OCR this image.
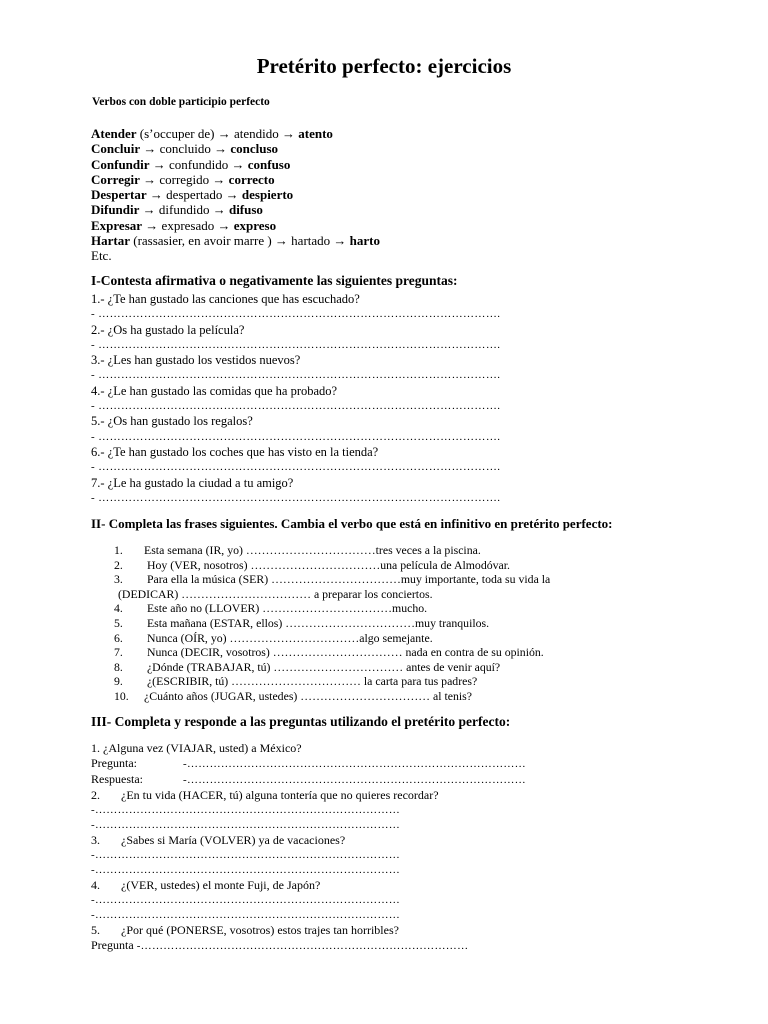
Pretérito perfecto: ejercicios
Verbos con doble participio perfecto
Atender (s’occuper de) → atendido → atento
Concluir → concluido → concluso
Confundir → confundido → confuso
Corregir → corregido → correcto
Despertar → despertado → despierto
Difundir → difundido → difuso
Expresar → expresado → expreso
Hartar (rassasier, en avoir marre ) → hartado → harto
Etc.
I-Contesta afirmativa o negativamente las siguientes preguntas:
1.- ¿Te han gustado las canciones que has escuchado?
- …………………………………………………………………………………………….
2.- ¿Os ha gustado la película?
- …………………………………………………………………………………………….
3.- ¿Les han gustado los vestidos nuevos?
- …………………………………………………………………………………………….
4.- ¿Le han gustado las comidas que ha probado?
- …………………………………………………………………………………………….
5.- ¿Os han gustado los regalos?
- …………………………………………………………………………………………….
6.- ¿Te han gustado los coches que has visto en la tienda?
- …………………………………………………………………………………………….
7.- ¿Le ha gustado la ciudad a tu amigo?
- …………………………………………………………………………………………….
II- Completa las frases siguientes. Cambia el verbo que está en infinitivo en pretérito perfecto:
1. Esta semana (IR, yo) ……………………………tres veces a la piscina.
2. Hoy (VER, nosotros) ……………………………una película de Almodóvar.
3. Para ella la música (SER) ……………………………muy importante, toda su vida la
(DEDICAR) …………………………… a preparar los conciertos.
4. Este año no (LLOVER) ……………………………mucho.
5. Esta mañana (ESTAR, ellos) ……………………………muy tranquilos.
6. Nunca (OÍR, yo) ……………………………algo semejante.
7. Nunca (DECIR, vosotros) …………………………… nada en contra de su opinión.
8. ¿Dónde (TRABAJAR, tú) …………………………… antes de venir aquí?
9. ¿(ESCRIBIR, tú) …………………………… la carta para tus padres?
10. ¿Cuánto años (JUGAR, ustedes) …………………………… al tenis?
III- Completa y responde a las preguntas utilizando el pretérito perfecto:
1. ¿Alguna vez (VIAJAR, usted) a México?
Pregunta:	-………………………………………………………………………………
Respuesta:	-………………………………………………………………………………
2. ¿En tu vida (HACER, tú) alguna tontería que no quieres recordar?
-………………………………………………………………………
-………………………………………………………………………
3. ¿Sabes si María (VOLVER) ya de vacaciones?
-………………………………………………………………………
-………………………………………………………………………
4. ¿(VER, ustedes) el monte Fuji, de Japón?
-………………………………………………………………………
-………………………………………………………………………
5. ¿Por qué (PONERSE, vosotros) estos trajes tan horribles?
Pregunta -……………………………………………………………………………
